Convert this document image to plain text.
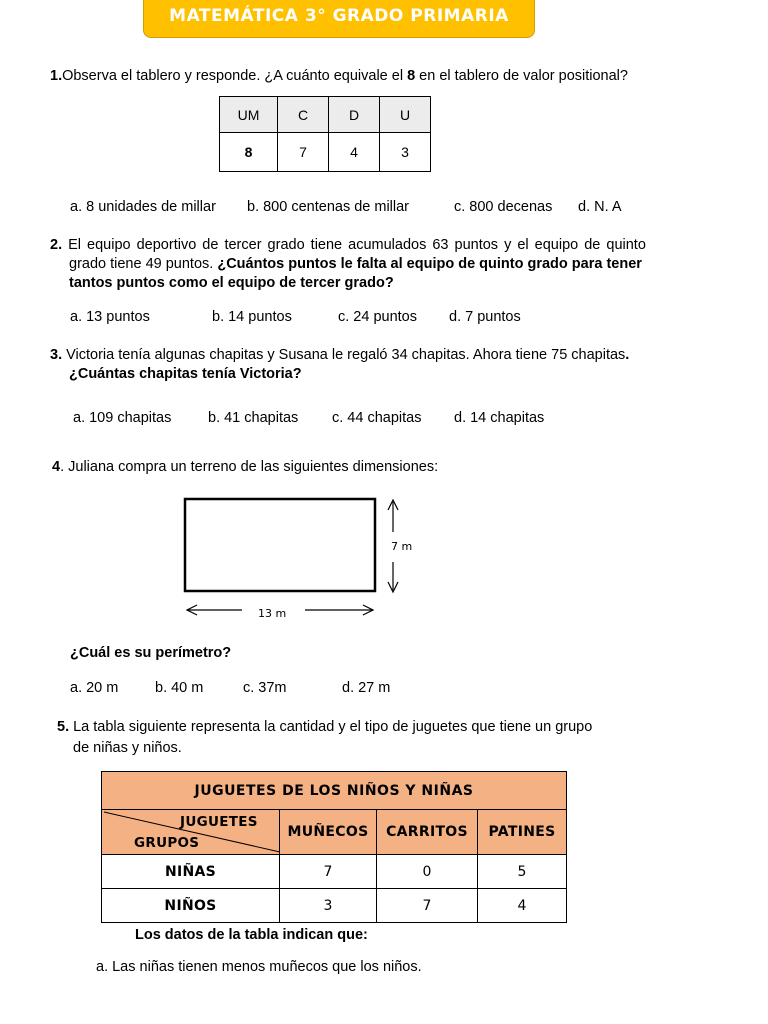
MATEMÁTICA 3° GRADO PRIMARIA
1.Observa el tablero y responde. ¿A cuánto equivale el 8 en el tablero de valor positional?
UM	C	D	U
8	7	4	3
a. 8 unidades de millar b. 800 centenas de millar	c. 800 decenas d. N. A
2. El equipo deportivo de tercer grado tiene acumulados 63 puntos y el equipo de quinto
grado tiene 49 puntos. ¿Cuántos puntos le falta al equipo de quinto grado para tener
tantos puntos como el equipo de tercer grado?
a. 13 puntos	b. 14 puntos	c. 24 puntos d. 7 puntos
3. Victoria tenía algunas chapitas y Susana le regaló 34 chapitas. Ahora tiene 75 chapitas.
¿Cuántas chapitas tenía Victoria?
a. 109 chapitas	b. 41 chapitas c. 44 chapitas d. 14 chapitas
4. Juliana compra un terreno de las siguientes dimensiones:
7 m
13 m
¿Cuál es su perímetro?
a. 20 m	b. 40 m	c. 37m	d. 27 m
5. La tabla siguiente representa la cantidad y el tipo de juguetes que tiene un grupo
de niñas y niños.
JUGUETES DE LOS NIÑOS Y NIÑAS			

JUGUETES
GRUPOS	MUÑECOS	CARRITOS	PATINES
NIÑAS	7	0	5
NIÑOS	3	7	4
Los datos de la tabla indican que:
a. Las niñas tienen menos muñecos que los niños.
